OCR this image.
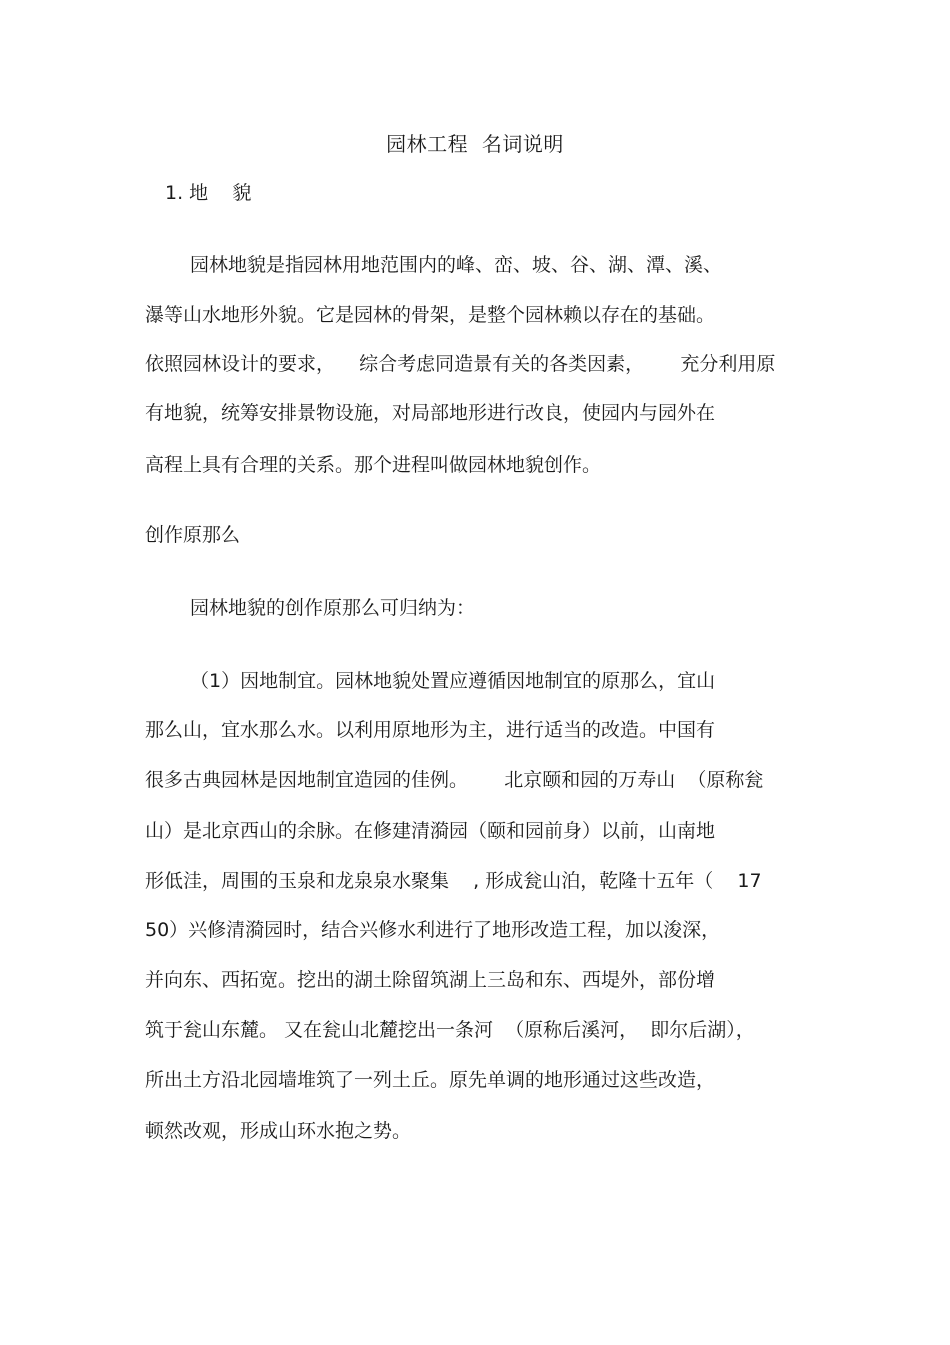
园林工程  名词说明
1. 地    貌
园林地貌是指园林用地范围内的峰、峦、坡、谷、湖、潭、溪、
瀑等山水地形外貌。它是园林的骨架，是整个园林赖以存在的基础。
依照园林设计的要求，    综合考虑同造景有关的各类因素，      充分利用原
有地貌，统筹安排景物设施，对局部地形进行改良，使园内与园外在
高程上具有合理的关系。那个进程叫做园林地貌创作。
创作原那么
园林地貌的创作原那么可归纳为：
（1）因地制宜。园林地貌处置应遵循因地制宜的原那么，宜山
那么山，宜水那么水。以利用原地形为主，进行适当的改造。中国有
很多古典园林是因地制宜造园的佳例。      北京颐和园的万寿山  （原称瓮
山）是北京西山的余脉。在修建清漪园（颐和园前身）以前，山南地
形低洼，周围的玉泉和龙泉泉水聚集    , 形成瓮山泊，乾隆十五年（    17
50）兴修清漪园时，结合兴修水利进行了地形改造工程，加以浚深，
并向东、西拓宽。挖出的湖土除留筑湖上三岛和东、西堤外，部份增
筑于瓮山东麓。 又在瓮山北麓挖出一条河  （原称后溪河，  即尔后湖），
所出土方沿北园墙堆筑了一列土丘。原先单调的地形通过这些改造，
顿然改观，形成山环水抱之势。
